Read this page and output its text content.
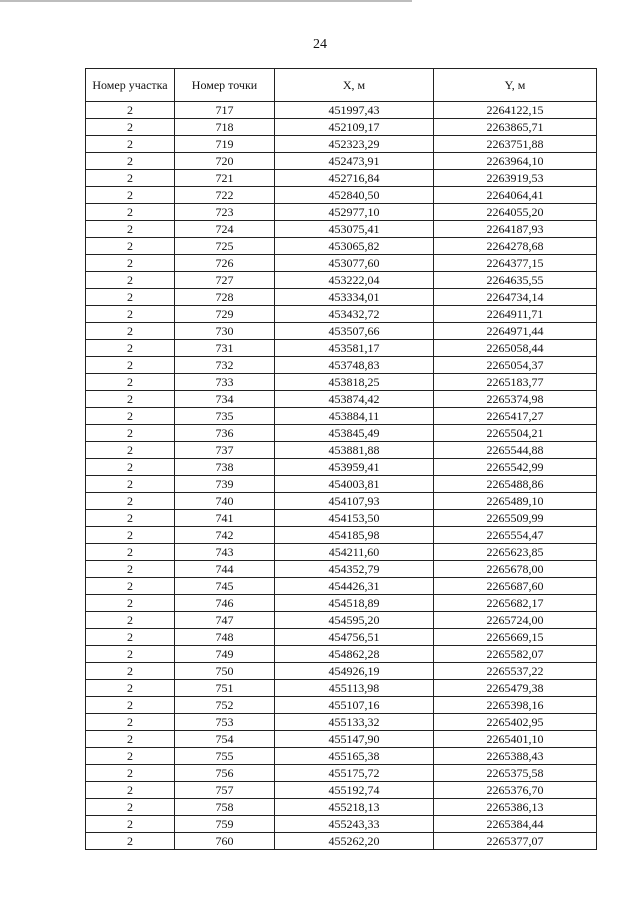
24
Номер участка	Номер точки	X, м	Y, м
2	717	451997,43	2264122,15
2	718	452109,17	2263865,71
2	719	452323,29	2263751,88
2	720	452473,91	2263964,10
2	721	452716,84	2263919,53
2	722	452840,50	2264064,41
2	723	452977,10	2264055,20
2	724	453075,41	2264187,93
2	725	453065,82	2264278,68
2	726	453077,60	2264377,15
2	727	453222,04	2264635,55
2	728	453334,01	2264734,14
2	729	453432,72	2264911,71
2	730	453507,66	2264971,44
2	731	453581,17	2265058,44
2	732	453748,83	2265054,37
2	733	453818,25	2265183,77
2	734	453874,42	2265374,98
2	735	453884,11	2265417,27
2	736	453845,49	2265504,21
2	737	453881,88	2265544,88
2	738	453959,41	2265542,99
2	739	454003,81	2265488,86
2	740	454107,93	2265489,10
2	741	454153,50	2265509,99
2	742	454185,98	2265554,47
2	743	454211,60	2265623,85
2	744	454352,79	2265678,00
2	745	454426,31	2265687,60
2	746	454518,89	2265682,17
2	747	454595,20	2265724,00
2	748	454756,51	2265669,15
2	749	454862,28	2265582,07
2	750	454926,19	2265537,22
2	751	455113,98	2265479,38
2	752	455107,16	2265398,16
2	753	455133,32	2265402,95
2	754	455147,90	2265401,10
2	755	455165,38	2265388,43
2	756	455175,72	2265375,58
2	757	455192,74	2265376,70
2	758	455218,13	2265386,13
2	759	455243,33	2265384,44
2	760	455262,20	2265377,07
